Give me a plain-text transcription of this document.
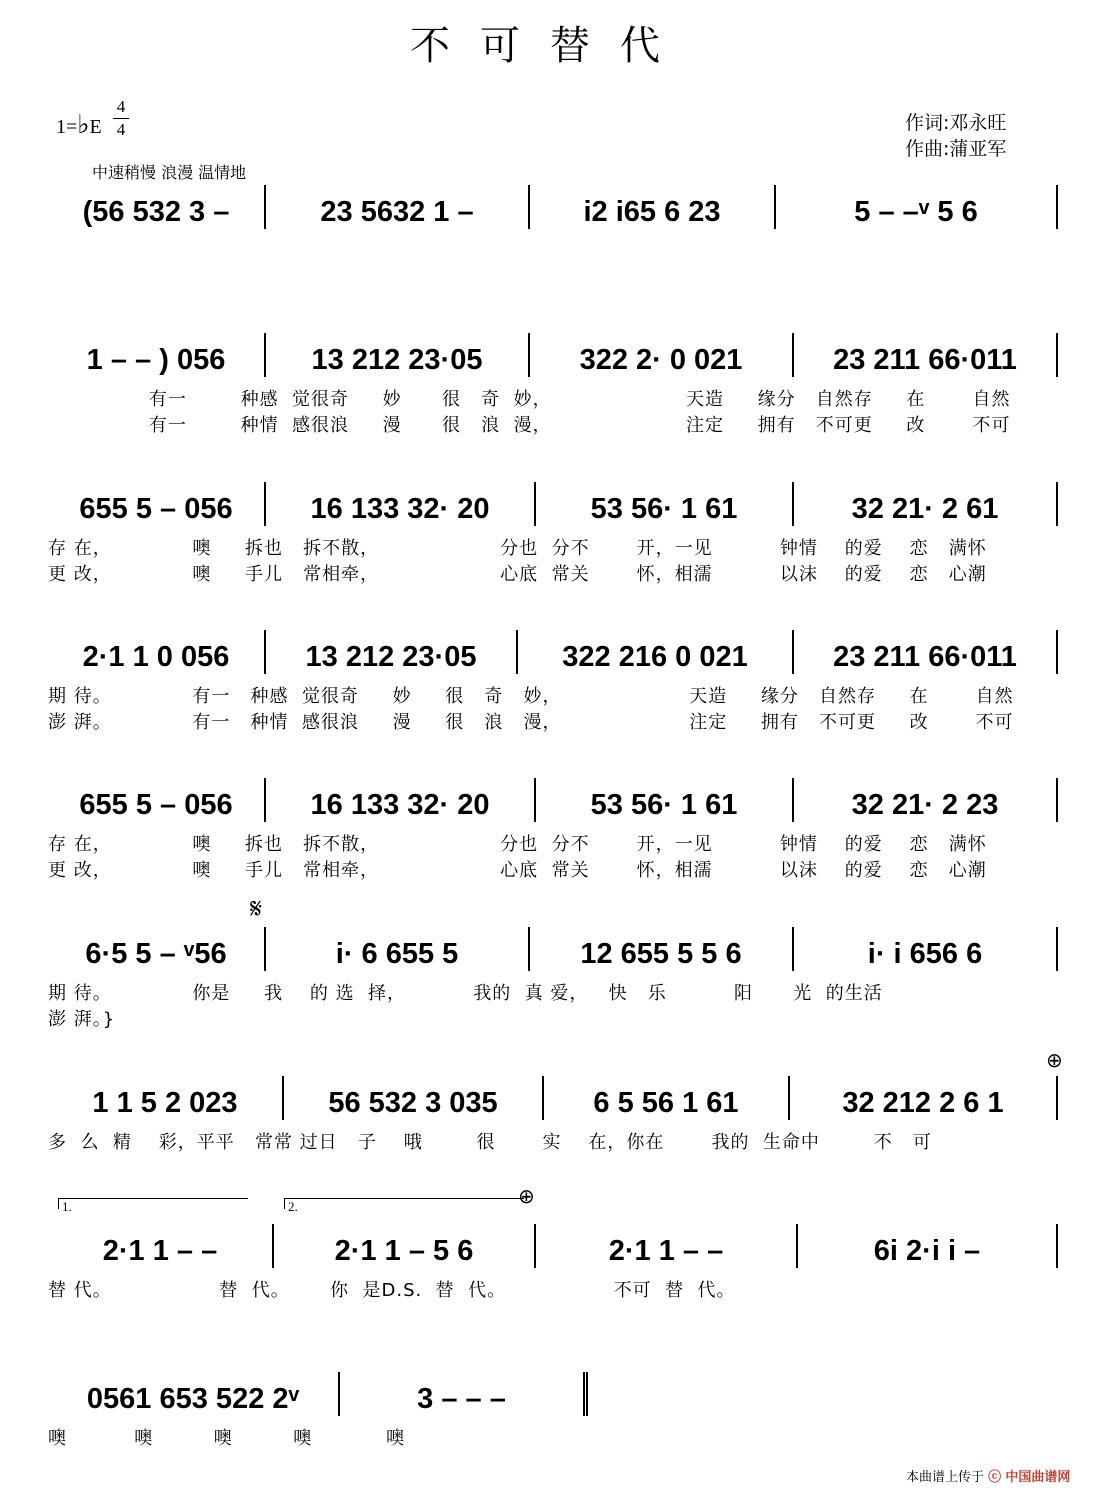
不可替代
1=♭E
4
4	作词:邓永旺
作曲:蒲亚军
中速稍慢 浪漫 温情地
(56 532 3 –	23 5632 1 –	i2 i65 6 23	5 – –ᵛ 5 6
1 – – ) 056	13 212 23·05	322 2· 0 021	23 211 66·011
有一        种感  觉很奇     妙      很   奇  妙，                    天造     缘分   自然存     在       自然
有一        种情  感很浪     漫      很   浪  漫，                    注定     拥有   不可更     改       不可
655 5 – 056	16 133 32· 20	53 56· 1 61	32 21· 2 61
存 在，            噢     拆也   拆不散，                  分也  分不       开，一见          钟情    的爱    恋   满怀
更 改，            噢     手儿   常相牵，                  心底  常关       怀，相濡          以沫    的爱    恋   心潮
2·1 1 0 056	13 212 23·05	322 216 0 021	23 211 66·011
期 待。            有一   种感  觉很奇     妙     很   奇   妙，                   天造     缘分   自然存     在       自然
澎 湃。            有一   种情  感很浪     漫     很   浪   漫，                   注定     拥有   不可更     改       不可
655 5 – 056	16 133 32· 20	53 56· 1 61	32 21· 2 23
存 在，            噢     拆也   拆不散，                  分也  分不       开，一见          钟情    的爱    恋   满怀
更 改，            噢     手儿   常相牵，                  心底  常关       怀，相濡          以沫    的爱    恋   心潮
𝄋
6·5 5 – ᵛ56	i· 6 655 5	12 655 5 5 6	i· i 656 6
期 待。            你是     我    的 选  择，          我的  真 爱，   快   乐          阳      光  的生活
澎 湃。}
⊕
1 1 5 2 023	56 532 3 035	6 5 56 1 61	32 212 2 6 1
多  么  精    彩，平平   常常 过日   子    哦        很       实    在，你在       我的  生命中        不   可
1.	2.	⊕
2·1 1 – –	2·1 1 – 5 6	2·1 1 – –	6i 2·i i –
替 代。                替  代。      你  是D.S.  替  代。                不可  替  代。
0561 653 522 2ᵛ	3 – – –
噢          噢         噢         噢           噢
本曲谱上传于 ⓒ 中国曲谱网
